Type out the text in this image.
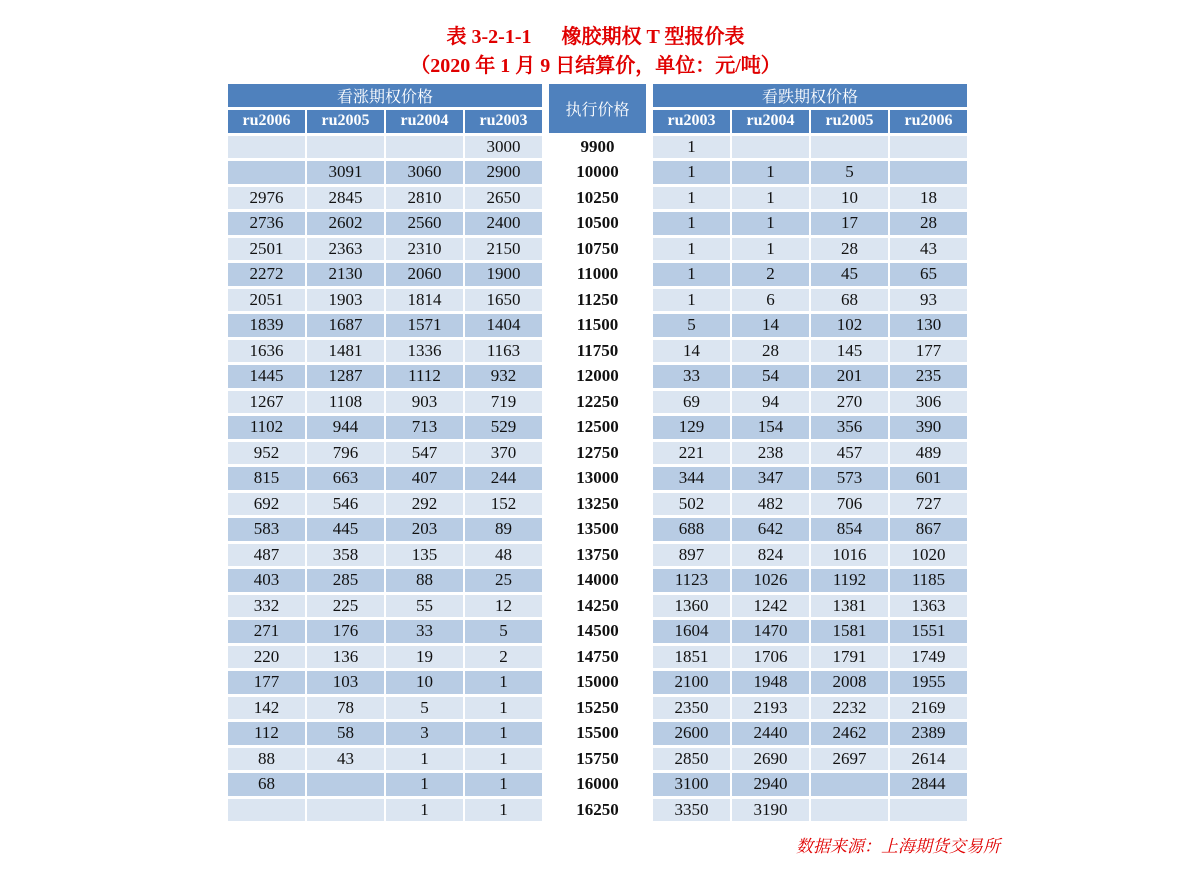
表 3-2-1-1      橡胶期权 T 型报价表
（2020 年 1 月 9 日结算价，单位：元/吨）
看涨期权价格					执行价格		看跌期权价格			
ru2006	ru2005	ru2004	ru2003				ru2003	ru2004	ru2005	ru2006
			3000		9900		1			
	3091	3060	2900		10000		1	1	5	
2976	2845	2810	2650		10250		1	1	10	18
2736	2602	2560	2400		10500		1	1	17	28
2501	2363	2310	2150		10750		1	1	28	43
2272	2130	2060	1900		11000		1	2	45	65
2051	1903	1814	1650		11250		1	6	68	93
1839	1687	1571	1404		11500		5	14	102	130
1636	1481	1336	1163		11750		14	28	145	177
1445	1287	1112	932		12000		33	54	201	235
1267	1108	903	719		12250		69	94	270	306
1102	944	713	529		12500		129	154	356	390
952	796	547	370		12750		221	238	457	489
815	663	407	244		13000		344	347	573	601
692	546	292	152		13250		502	482	706	727
583	445	203	89		13500		688	642	854	867
487	358	135	48		13750		897	824	1016	1020
403	285	88	25		14000		1123	1026	1192	1185
332	225	55	12		14250		1360	1242	1381	1363
271	176	33	5		14500		1604	1470	1581	1551
220	136	19	2		14750		1851	1706	1791	1749
177	103	10	1		15000		2100	1948	2008	1955
142	78	5	1		15250		2350	2193	2232	2169
112	58	3	1		15500		2600	2440	2462	2389
88	43	1	1		15750		2850	2690	2697	2614
68		1	1		16000		3100	2940		2844
		1	1		16250		3350	3190		
数据来源：上海期货交易所
